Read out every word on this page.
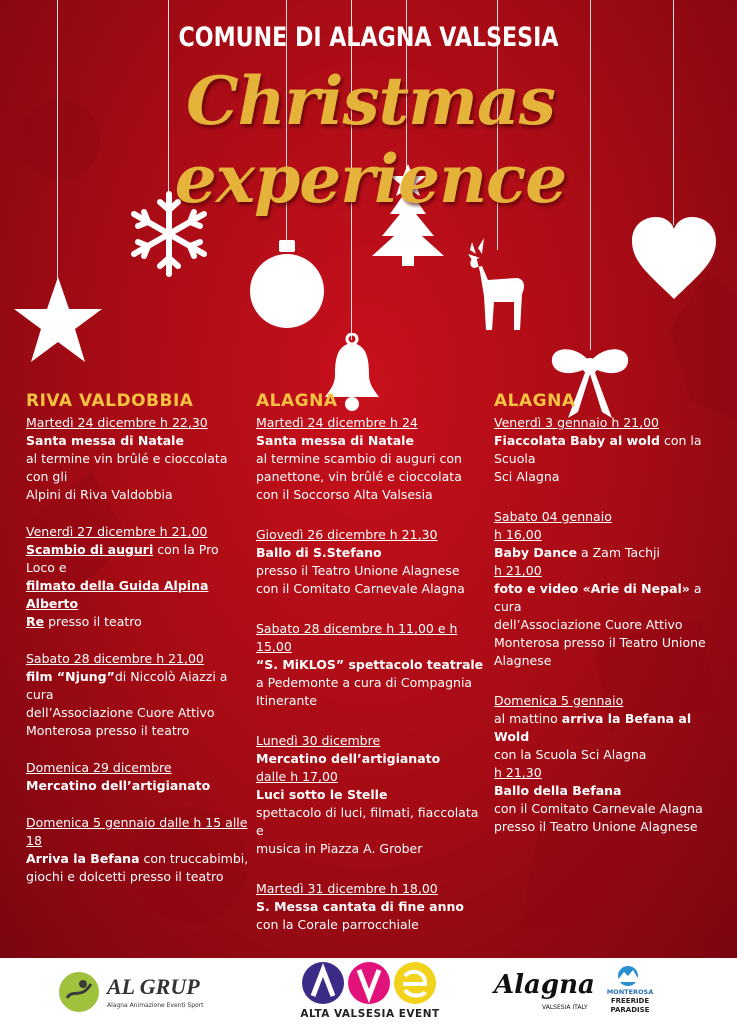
COMUNE DI ALAGNA VALSESIA
Christmas experience
RIVA VALDOBBIA
Martedì 24 dicembre h 22,30
Santa messa di Natale
al termine vin brûlé e cioccolata con gli
Alpini di Riva Valdobbia
Venerdì 27 dicembre h 21,00
Scambio di auguri con la Pro Loco e
filmato della Guida Alpina Alberto
Re presso il teatro
Sabato 28 dicembre h 21,00
film “Njung”di Niccolò Aiazzi a cura
dell’Associazione Cuore Attivo
Monterosa presso il teatro
Domenica 29 dicembre
Mercatino dell’artigianato
Domenica 5 gennaio dalle h 15 alle 18
Arriva la Befana con truccabimbi,
giochi e dolcetti presso il teatro
ALAGNA
Martedì 24 dicembre h 24
Santa messa di Natale
al termine scambio di auguri con
panettone, vin brûlé e cioccolata
con il Soccorso Alta Valsesia
Giovedì 26 dicembre h 21,30
Ballo di S.Stefano
presso il Teatro Unione Alagnese
con il Comitato Carnevale Alagna
Sabato 28 dicembre h 11,00 e h 15,00
“S. MiKLOS” spettacolo teatrale
a Pedemonte a cura di Compagnia
Itinerante
Lunedì 30 dicembre
Mercatino dell’artigianato
dalle h 17,00
Luci sotto le Stelle
spettacolo di luci, filmati, fiaccolata e
musica in Piazza A. Grober
Martedì 31 dicembre h 18,00
S. Messa cantata di fine anno
con la Corale parrocchiale
ALAGNA
Venerdì 3 gennaio h 21,00
Fiaccolata Baby al wold con la Scuola
Sci Alagna
Sabato 04 gennaio
h 16,00
Baby Dance a Zam Tachji
h 21,00
foto e video «Arie di Nepal» a cura
dell’Associazione Cuore Attivo
Monterosa presso il Teatro Unione
Alagnese
Domenica 5 gennaio
al mattino arriva la Befana al Wold
con la Scuola Sci Alagna
h 21,30
Ballo della Befana
con il Comitato Carnevale Alagna
presso il Teatro Unione Alagnese
AL GRUP
Alagna Animazione Eventi Sport
ALTA VALSESIA EVENT
Alagna
VALSESIA ITALY
MONTEROSA
FREERIDE PARADISE
